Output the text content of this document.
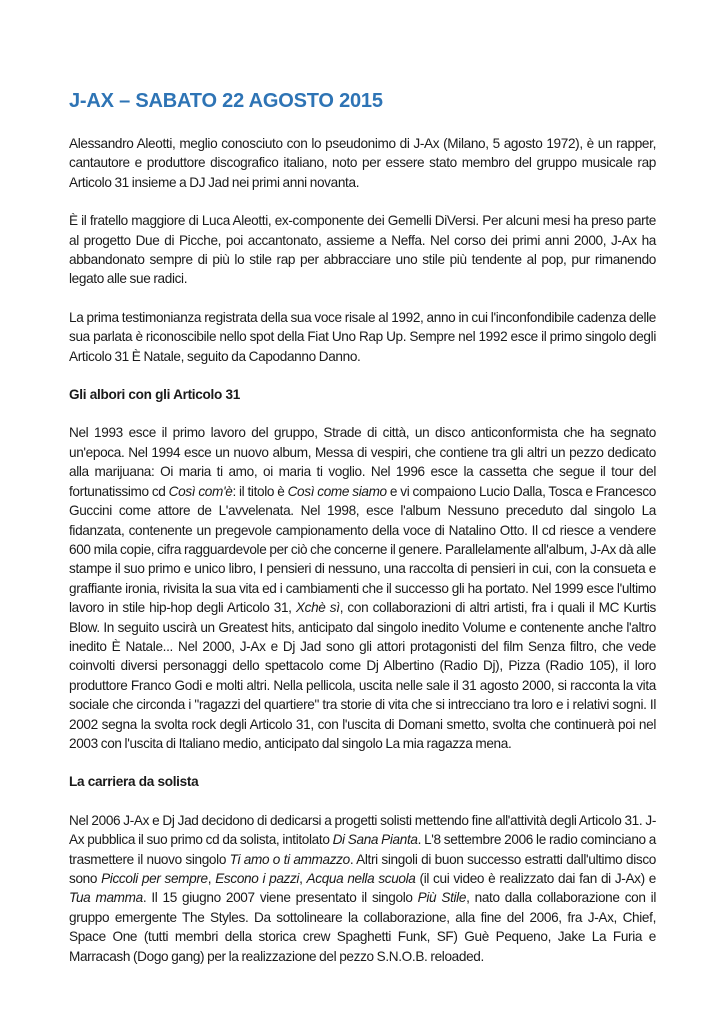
J-AX – SABATO 22 AGOSTO 2015

Alessandro Aleotti, meglio conosciuto con lo pseudonimo di J-Ax (Milano, 5 agosto 1972), è un rapper, cantautore e produttore discografico italiano, noto per essere stato membro del gruppo musicale rap Articolo 31 insieme a DJ Jad nei primi anni novanta.

È il fratello maggiore di Luca Aleotti, ex-componente dei Gemelli DiVersi. Per alcuni mesi ha preso parte al progetto Due di Picche, poi accantonato, assieme a Neffa. Nel corso dei primi anni 2000, J-Ax ha abbandonato sempre di più lo stile rap per abbracciare uno stile più tendente al pop, pur rimanendo legato alle sue radici.

La prima testimonianza registrata della sua voce risale al 1992, anno in cui l'inconfondibile cadenza delle sua parlata è riconoscibile nello spot della Fiat Uno Rap Up. Sempre nel 1992 esce il primo singolo degli Articolo 31 È Natale, seguito da Capodanno Danno.

Gli albori con gli Articolo 31

Nel 1993 esce il primo lavoro del gruppo, Strade di città, un disco anticonformista che ha segnato un'epoca. Nel 1994 esce un nuovo album, Messa di vespiri, che contiene tra gli altri un pezzo dedicato alla marijuana: Oi maria ti amo, oi maria ti voglio. Nel 1996 esce la cassetta che segue il tour del fortunatissimo cd Così com'è: il titolo è Così come siamo e vi compaiono Lucio Dalla, Tosca e Francesco Guccini come attore de L'avvelenata. Nel 1998, esce l'album Nessuno preceduto dal singolo La fidanzata, contenente un pregevole campionamento della voce di Natalino Otto. Il cd riesce a vendere 600 mila copie, cifra ragguardevole per ciò che concerne il genere. Parallelamente all'album, J-Ax dà alle stampe il suo primo e unico libro, I pensieri di nessuno, una raccolta di pensieri in cui, con la consueta e graffiante ironia, rivisita la sua vita ed i cambiamenti che il successo gli ha portato. Nel 1999 esce l'ultimo lavoro in stile hip-hop degli Articolo 31, Xchè sì, con collaborazioni di altri artisti, fra i quali il MC Kurtis Blow. In seguito uscirà un Greatest hits, anticipato dal singolo inedito Volume e contenente anche l'altro inedito È Natale... Nel 2000, J-Ax e Dj Jad sono gli attori protagonisti del film Senza filtro, che vede coinvolti diversi personaggi dello spettacolo come Dj Albertino (Radio Dj), Pizza (Radio 105), il loro produttore Franco Godi e molti altri. Nella pellicola, uscita nelle sale il 31 agosto 2000, si racconta la vita sociale che circonda i "ragazzi del quartiere" tra storie di vita che si intrecciano tra loro e i relativi sogni. Il 2002 segna la svolta rock degli Articolo 31, con l'uscita di Domani smetto, svolta che continuerà poi nel 2003 con l'uscita di Italiano medio, anticipato dal singolo La mia ragazza mena.

La carriera da solista

Nel 2006 J-Ax e Dj Jad decidono di dedicarsi a progetti solisti mettendo fine all'attività degli Articolo 31. J-Ax pubblica il suo primo cd da solista, intitolato Di Sana Pianta. L'8 settembre 2006 le radio cominciano a trasmettere il nuovo singolo Ti amo o ti ammazzo. Altri singoli di buon successo estratti dall'ultimo disco sono Piccoli per sempre, Escono i pazzi, Acqua nella scuola (il cui video è realizzato dai fan di J-Ax) e Tua mamma. Il 15 giugno 2007 viene presentato il singolo Più Stile, nato dalla collaborazione con il gruppo emergente The Styles. Da sottolineare la collaborazione, alla fine del 2006, fra J-Ax, Chief, Space One (tutti membri della storica crew Spaghetti Funk, SF) Guè Pequeno, Jake La Furia e Marracash (Dogo gang) per la realizzazione del pezzo S.N.O.B. reloaded.
